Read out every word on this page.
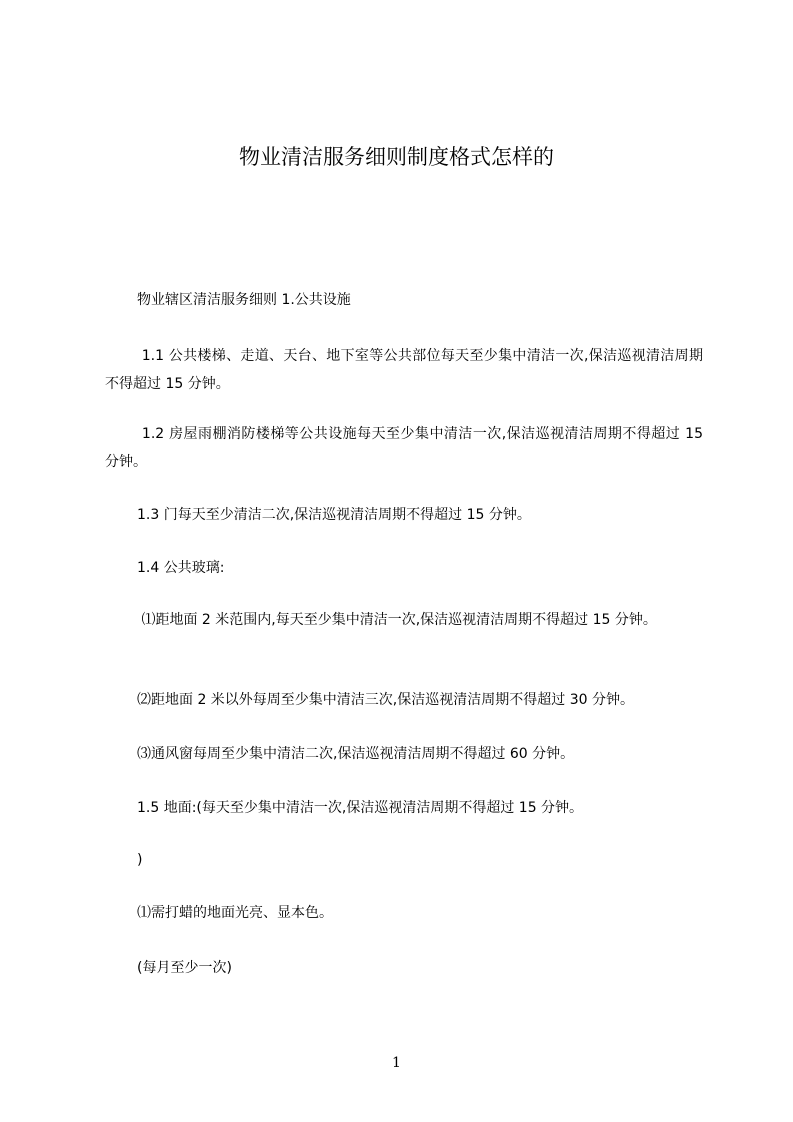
物业清洁服务细则制度格式怎样的

物业辖区清洁服务细则 1.公共设施

1.1 公共楼梯、走道、天台、地下室等公共部位每天至少集中清洁一次,保洁巡视清洁周期不得超过 15 分钟。

1.2 房屋雨棚消防楼梯等公共设施每天至少集中清洁一次,保洁巡视清洁周期不得超过 15 分钟。

1.3 门每天至少清洁二次,保洁巡视清洁周期不得超过 15 分钟。

1.4 公共玻璃:

⑴距地面 2 米范围内,每天至少集中清洁一次,保洁巡视清洁周期不得超过 15 分钟。

⑵距地面 2 米以外每周至少集中清洁三次,保洁巡视清洁周期不得超过 30 分钟。

⑶通风窗每周至少集中清洁二次,保洁巡视清洁周期不得超过 60 分钟。

1.5 地面:(每天至少集中清洁一次,保洁巡视清洁周期不得超过 15 分钟。

)

⑴需打蜡的地面光亮、显本色。

(每月至少一次)

1
